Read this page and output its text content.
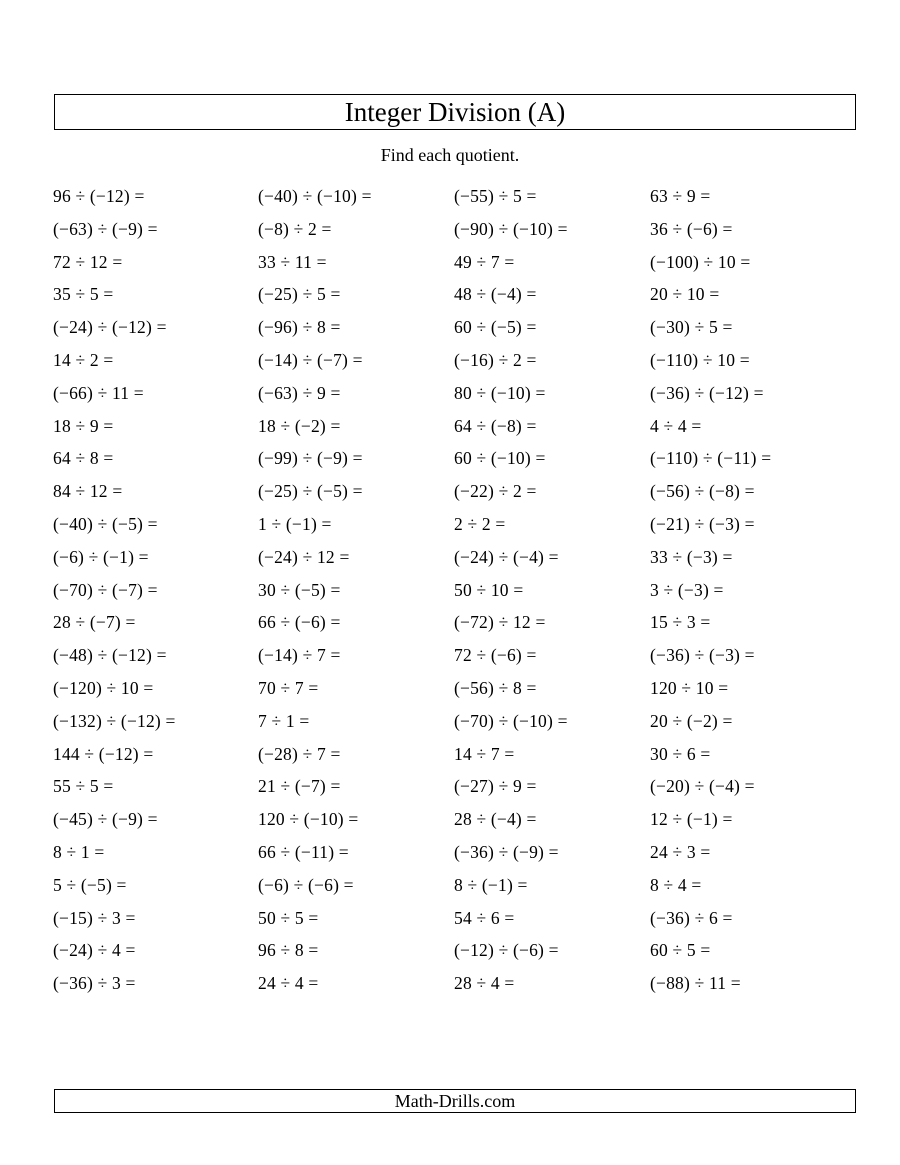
Integer Division (A)
Find each quotient.
96 ÷ (−12) =	(−40) ÷ (−10) =	(−55) ÷ 5 =	63 ÷ 9 =
(−63) ÷ (−9) =	(−8) ÷ 2 =	(−90) ÷ (−10) =	36 ÷ (−6) =
72 ÷ 12 =	33 ÷ 11 =	49 ÷ 7 =	(−100) ÷ 10 =
35 ÷ 5 =	(−25) ÷ 5 =	48 ÷ (−4) =	20 ÷ 10 =
(−24) ÷ (−12) =	(−96) ÷ 8 =	60 ÷ (−5) =	(−30) ÷ 5 =
14 ÷ 2 =	(−14) ÷ (−7) =	(−16) ÷ 2 =	(−110) ÷ 10 =
(−66) ÷ 11 =	(−63) ÷ 9 =	80 ÷ (−10) =	(−36) ÷ (−12) =
18 ÷ 9 =	18 ÷ (−2) =	64 ÷ (−8) =	4 ÷ 4 =
64 ÷ 8 =	(−99) ÷ (−9) =	60 ÷ (−10) =	(−110) ÷ (−11) =
84 ÷ 12 =	(−25) ÷ (−5) =	(−22) ÷ 2 =	(−56) ÷ (−8) =
(−40) ÷ (−5) =	1 ÷ (−1) =	2 ÷ 2 =	(−21) ÷ (−3) =
(−6) ÷ (−1) =	(−24) ÷ 12 =	(−24) ÷ (−4) =	33 ÷ (−3) =
(−70) ÷ (−7) =	30 ÷ (−5) =	50 ÷ 10 =	3 ÷ (−3) =
28 ÷ (−7) =	66 ÷ (−6) =	(−72) ÷ 12 =	15 ÷ 3 =
(−48) ÷ (−12) =	(−14) ÷ 7 =	72 ÷ (−6) =	(−36) ÷ (−3) =
(−120) ÷ 10 =	70 ÷ 7 =	(−56) ÷ 8 =	120 ÷ 10 =
(−132) ÷ (−12) =	7 ÷ 1 =	(−70) ÷ (−10) =	20 ÷ (−2) =
144 ÷ (−12) =	(−28) ÷ 7 =	14 ÷ 7 =	30 ÷ 6 =
55 ÷ 5 =	21 ÷ (−7) =	(−27) ÷ 9 =	(−20) ÷ (−4) =
(−45) ÷ (−9) =	120 ÷ (−10) =	28 ÷ (−4) =	12 ÷ (−1) =
8 ÷ 1 =	66 ÷ (−11) =	(−36) ÷ (−9) =	24 ÷ 3 =
5 ÷ (−5) =	(−6) ÷ (−6) =	8 ÷ (−1) =	8 ÷ 4 =
(−15) ÷ 3 =	50 ÷ 5 =	54 ÷ 6 =	(−36) ÷ 6 =
(−24) ÷ 4 =	96 ÷ 8 =	(−12) ÷ (−6) =	60 ÷ 5 =
(−36) ÷ 3 =	24 ÷ 4 =	28 ÷ 4 =	(−88) ÷ 11 =
Math-Drills.com
